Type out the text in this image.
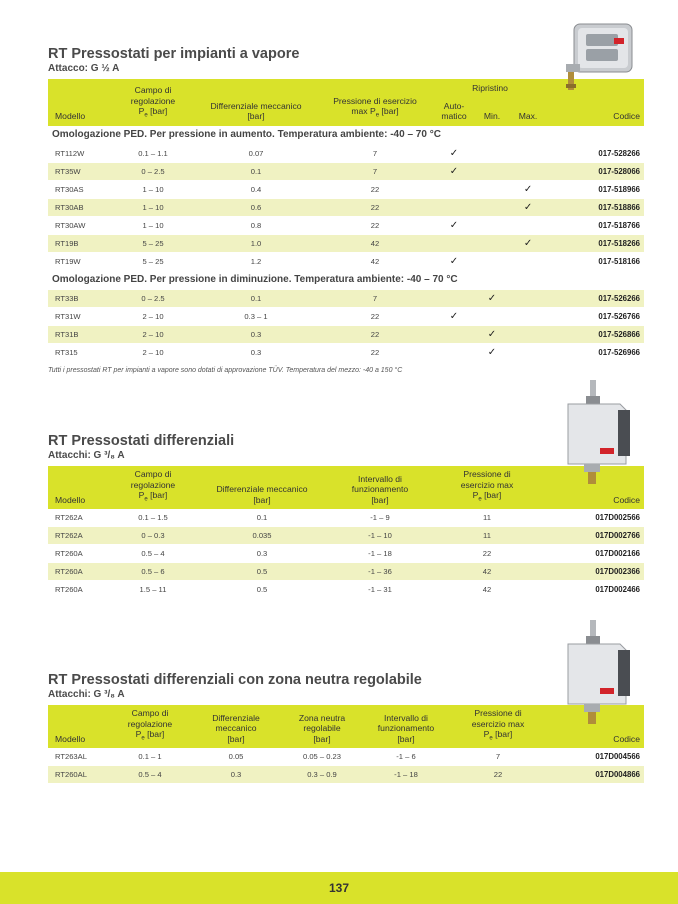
RT Pressostati per impianti a vapore

Attacco: G ½ A

Modello	Campo di
regolazione
$P_e$ [bar]	Differenziale meccanico
[bar]	Pressione di esercizio
$\max P_e$ [bar]	Ripristino			Codice
				Auto-
matico	Min.	Max.	
Omologazione PED. Per pressione in aumento. Temperatura ambiente: -40 – 70 °C							
RT112W	0.1 – 1.1	0.07	7	✓			017-528266
RT35W	0 – 2.5	0.1	7	✓			017-528066
RT30AS	1 – 10	0.4	22			✓	017-518966
RT30AB	1 – 10	0.6	22			✓	017-518866
RT30AW	1 – 10	0.8	22	✓			017-518766
RT19B	5 – 25	1.0	42			✓	017-518266
RT19W	5 – 25	1.2	42	✓			017-518166
Omologazione PED. Per pressione in diminuzione. Temperatura ambiente: -40 – 70 °C							
RT33B	0 – 2.5	0.1	7		✓		017-526266
RT31W	2 – 10	0.3 – 1	22	✓			017-526766
RT31B	2 – 10	0.3	22		✓		017-526866
RT315	2 – 10	0.3	22		✓		017-526966

Tutti i pressostati RT per impianti a vapore sono dotati di approvazione TÜV. Temperatura del mezzo: -40 a 150 °C

RT Pressostati differenziali

Attacchi: G ³/₈ A

Modello	Campo di
regolazione
$P_e$ [bar]	Differenziale meccanico
[bar]	Intervallo di
funzionamento
[bar]	Pressione di
esercizio max
$P_e$ [bar]	Codice
RT262A	0.1 – 1.5	0.1	-1 – 9	11	017D002566
RT262A	0 – 0.3	0.035	-1 – 10	11	017D002766
RT260A	0.5 – 4	0.3	-1 – 18	22	017D002166
RT260A	0.5 – 6	0.5	-1 – 36	42	017D002366
RT260A	1.5 – 11	0.5	-1 – 31	42	017D002466
RT Pressostati differenziali con zona neutra regolabile

Attacchi: G ³/₈ A

Modello	Campo di
regolazione
$P_e$ [bar]	Differenziale
meccanico
[bar]	Zona neutra
regolabile
[bar]	Intervallo di
funzionamento
[bar]	Pressione di
esercizio max
$P_e$ [bar]	Codice
RT263AL	0.1 – 1	0.05	0.05 – 0.23	-1 – 6	7	017D004566
RT260AL	0.5 – 4	0.3	0.3 – 0.9	-1 – 18	22	017D004866
137
